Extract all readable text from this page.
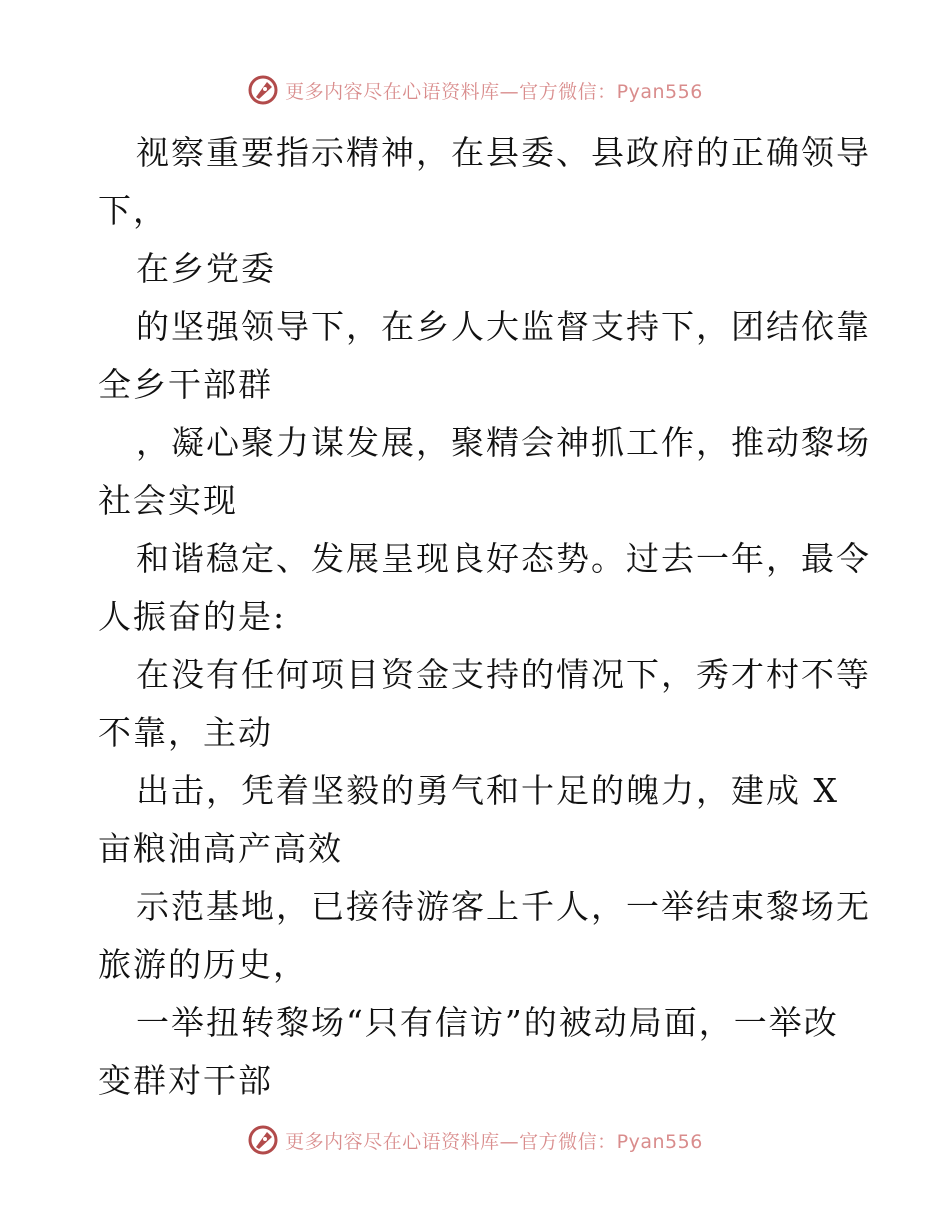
更多内容尽在心语资料库—官方微信：Pyan556
视察重要指示精神，在县委、县政府的正确领导
下，
在乡党委
的坚强领导下，在乡人大监督支持下，团结依靠
全乡干部群
，凝心聚力谋发展，聚精会神抓工作，推动黎场
社会实现
和谐稳定、发展呈现良好态势。过去一年，最令
人振奋的是:
在没有任何项目资金支持的情况下，秀才村不等
不靠，主动
出击，凭着坚毅的勇气和十足的魄力，建成 X
亩粮油高产高效
示范基地，已接待游客上千人，一举结束黎场无
旅游的历史，
一举扭转黎场“只有信访”的被动局面，一举改
变群对干部
更多内容尽在心语资料库—官方微信：Pyan556
